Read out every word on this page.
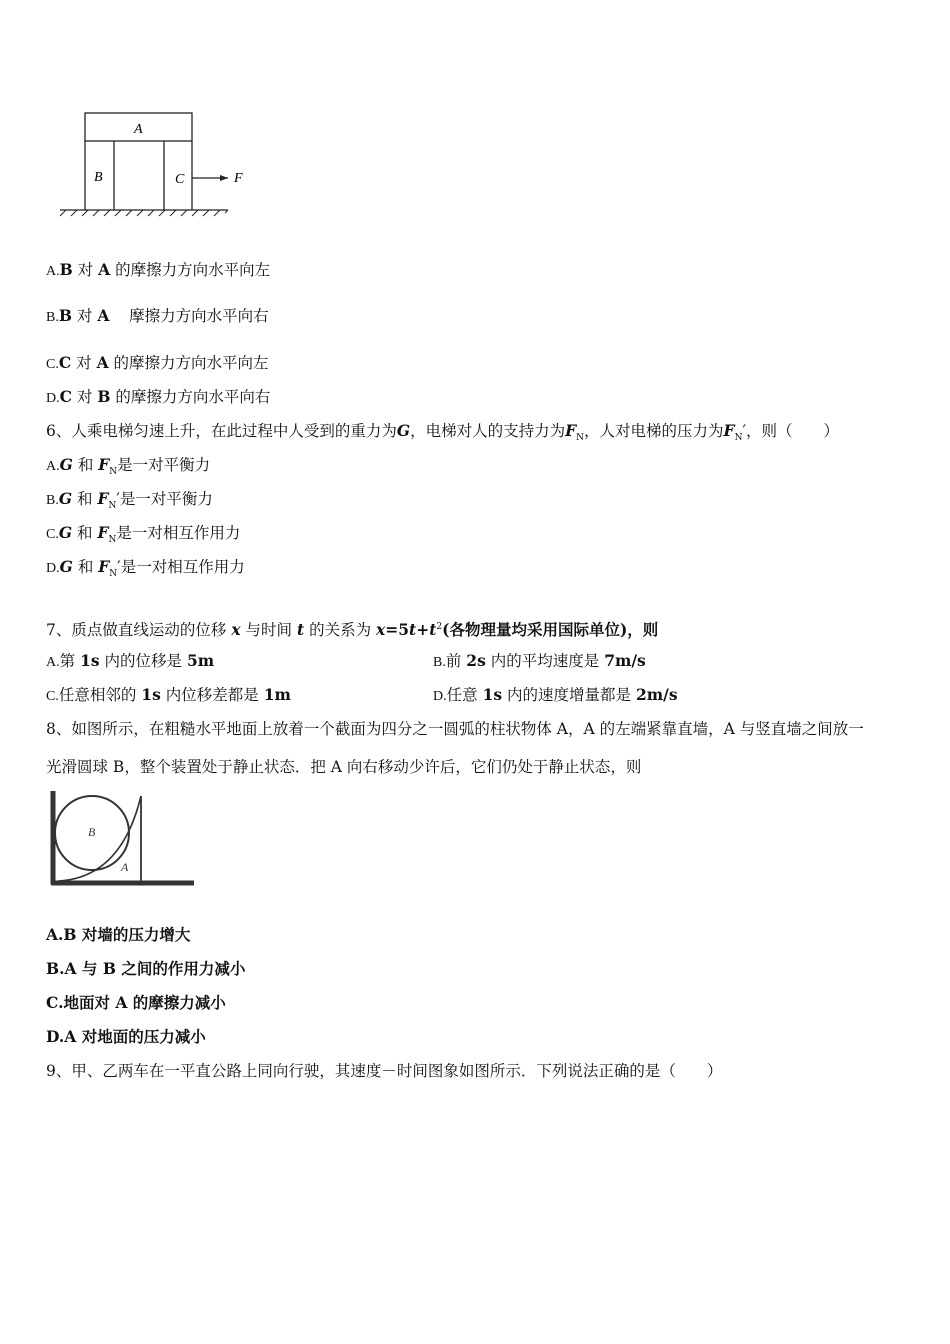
A
B	C	F
A.B 对 A 的摩擦力方向水平向左
B.B 对 A 摩擦力方向水平向右
C.C 对 A 的摩擦力方向水平向左
D.C 对 B 的摩擦力方向水平向右
6、人乘电梯匀速上升，在此过程中人受到的重力为G，电梯对人的支持力为$F_N$，人对电梯的压力为$F_N'$，则（　　）
A.G 和 $F_N$是一对平衡力
B.G 和 $F_N'$是一对平衡力
C.G 和 $F_N$是一对相互作用力
D.G 和 $F_N'$是一对相互作用力
7、质点做直线运动的位移 x 与时间 t 的关系为 $x=5t+t^2$(各物理量均采用国际单位)，则
A.第 1s 内的位移是 5m	B.前 2s 内的平均速度是 7m/s
C.任意相邻的 1s 内位移差都是 1m	D.任意 1s 内的速度增量都是 2m/s
8、如图所示，在粗糙水平地面上放着一个截面为四分之一圆弧的柱状物体 A，A 的左端紧靠直墙，A 与竖直墙之间放一
光滑圆球 B，整个装置处于静止状态．把 A 向右移动少许后，它们仍处于静止状态，则
B
A
A.B 对墙的压力增大
B.A 与 B 之间的作用力减小
C.地面对 A 的摩擦力减小
D.A 对地面的压力减小
9、甲、乙两车在一平直公路上同向行驶，其速度－时间图象如图所示．下列说法正确的是（　　）
